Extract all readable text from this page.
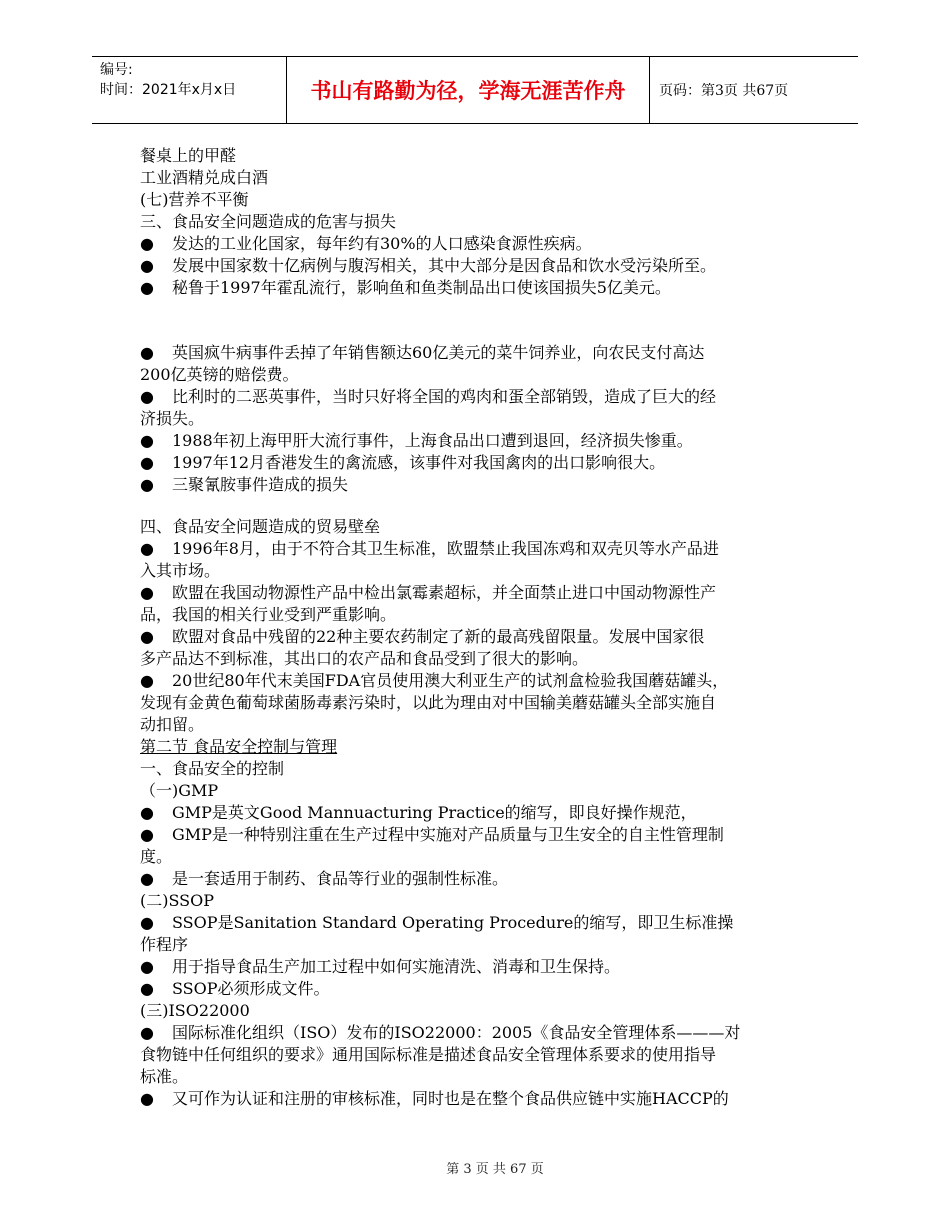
编号:
时间：2021年x月x日	书山有路勤为径，学海无涯苦作舟	页码：第3页 共67页
餐桌上的甲醛
工业酒精兑成白酒
(七)营养不平衡
三、食品安全问题造成的危害与损失
● 发达的工业化国家，每年约有30%的人口感染食源性疾病。
● 发展中国家数十亿病例与腹泻相关，其中大部分是因食品和饮水受污染所至。
● 秘鲁于1997年霍乱流行，影响鱼和鱼类制品出口使该国损失5亿美元。
● 英国疯牛病事件丢掉了年销售额达60亿美元的菜牛饲养业，向农民支付高达
200亿英镑的赔偿费。
● 比利时的二恶英事件，当时只好将全国的鸡肉和蛋全部销毁，造成了巨大的经
济损失。
● 1988年初上海甲肝大流行事件，上海食品出口遭到退回，经济损失惨重。
● 1997年12月香港发生的禽流感，该事件对我国禽肉的出口影响很大。
● 三聚氰胺事件造成的损失
四、食品安全问题造成的贸易壁垒
● 1996年8月，由于不符合其卫生标准，欧盟禁止我国冻鸡和双壳贝等水产品进
入其市场。
● 欧盟在我国动物源性产品中检出氯霉素超标，并全面禁止进口中国动物源性产
品，我国的相关行业受到严重影响。
● 欧盟对食品中残留的22种主要农药制定了新的最高残留限量。发展中国家很
多产品达不到标准，其出口的农产品和食品受到了很大的影响。
● 20世纪80年代末美国FDA官员使用澳大利亚生产的试剂盒检验我国蘑菇罐头，
发现有金黄色葡萄球菌肠毒素污染时，以此为理由对中国输美蘑菇罐头全部实施自
动扣留。
第二节 食品安全控制与管理
一、食品安全的控制
（一)GMP
● GMP是英文Good Mannuacturing Practice的缩写，即良好操作规范，
● GMP是一种特别注重在生产过程中实施对产品质量与卫生安全的自主性管理制
度。
● 是一套适用于制药、食品等行业的强制性标准。
(二)SSOP
● SSOP是Sanitation Standard Operating Procedure的缩写，即卫生标准操
作程序
● 用于指导食品生产加工过程中如何实施清洗、消毒和卫生保持。
● SSOP必须形成文件。
(三)ISO22000
● 国际标准化组织（ISO）发布的ISO22000：2005《食品安全管理体系———对
食物链中任何组织的要求》通用国际标准是描述食品安全管理体系要求的使用指导
标准。
● 又可作为认证和注册的审核标准，同时也是在整个食品供应链中实施HACCP的
第 3 页 共 67 页
